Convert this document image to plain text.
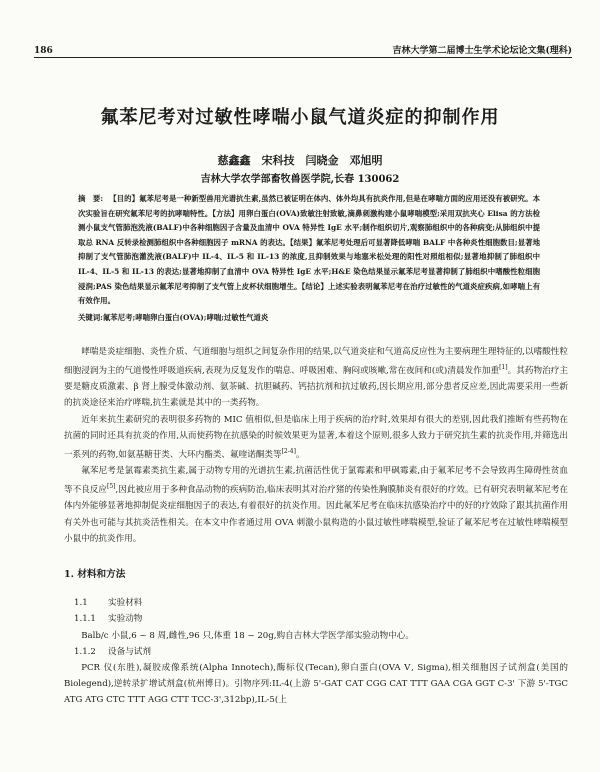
186	吉林大学第二届博士生学术论坛论文集(理科)
氟苯尼考对过敏性哮喘小鼠气道炎症的抑制作用
慈鑫鑫　宋科技　闫晓金　邓旭明
吉林大学农学部畜牧兽医学院,长春 130062
摘　要: 【目的】氟苯尼考是一种新型兽用光谱抗生素,虽然已被证明在体内、体外均具有抗炎作用,但是在哮喘方面的应用还没有被研究。本次实验旨在研究氟苯尼考的抗哮喘特性。【方法】用卵白蛋白(OVA)致敏注射致敏,滴鼻刺激构建小鼠哮喘模型;采用双抗夹心 Elisa 的方法检测小鼠支气管肺泡洗液(BALF)中各种细胞因子含量及血清中 OVA 特异性 IgE 水平;制作组织切片,观察肺组织中的各种病变;从肺组织中提取总 RNA 反转录检测肺组织中各种细胞因子 mRNA 的表达。【结果】氟苯尼考处理后可显著降低哮喘 BALF 中各种炎性细胞数目;显著地抑制了支气管肺泡灌洗液(BALF)中 IL-4、IL-5 和 IL-13 的浓度,且抑制效果与地塞米松处理的阳性对照组相似;显著地抑制了肺组织中 IL-4、IL-5 和 IL-13 的表达;显著地抑制了血清中 OVA 特异性 IgE 水平;H&E 染色结果显示氟苯尼考显著抑制了肺组织中嗜酸性粒细胞浸润;PAS 染色结果显示氟苯尼考抑制了支气管上皮杯状细胞增生。【结论】上述实验表明氟苯尼考在治疗过敏性的气道炎症疾病,如哮喘上有有效作用。
关键词:氟苯尼考;哮喘卵白蛋白(OVA);哮喘;过敏性气道炎

哮喘是炎症细胞、炎性介质、气道细胞与组织之间复杂作用的结果,以气道炎症和气道高反应性为主要病理生理特征的,以嗜酸性粒细胞浸润为主的气道慢性呼吸道疾病,表现为反复发作的喘息、呼吸困难、胸闷或咳嗽,常在夜间和(或)清晨发作加重[1]。其药物治疗主要是糖皮质激素、β 肾上腺受体激动剂、氨茶碱、抗胆碱药、钙拮抗剂和抗过敏药,因长期应用,部分患者反应差,因此需要采用一些新的抗炎途径来治疗哮喘,抗生素就是其中的一类药物。

近年来抗生素研究的表明很多药物的 MIC 值相似,但是临床上用于疾病的治疗时,效果却有很大的差别,因此我们推断有些药物在抗菌的同时还具有抗炎的作用,从而使药物在抗感染的时候效果更为显著,本着这个原则,很多人致力于研究抗生素的抗炎作用,并筛选出一系列的药物,如氨基糖苷类、大环内酯类、氟喹诺酮类等[2-4]。

氟苯尼考是氯霉素类抗生素,属于动物专用的光谱抗生素,抗菌活性优于氯霉素和甲砜霉素,由于氟苯尼考不会导致再生障碍性贫血等不良反应[5],因此被应用于多种食品动物的疾病防治,临床表明其对治疗猪的传染性胸膜肺炎有很好的疗效。已有研究表明氟苯尼考在体内外能够显著地抑制促炎症细胞因子的表达,有着很好的抗炎作用。因此氟苯尼考在临床抗感染治疗中的好的疗效除了跟其抗菌作用有关外也可能与其抗炎活性相关。在本文中作者通过用 OVA 刺激小鼠构造的小鼠过敏性哮喘模型,验证了氟苯尼考在过敏性哮喘模型小鼠中的抗炎作用。

1. 材料和方法

1.1 实验材料

1.1.1 实验动物

Balb/c 小鼠,6 ~ 8 周,雌性,96 只,体重 18 ~ 20g,购自吉林大学医学部实验动物中心。

1.1.2 设备与试剂

PCR 仪(东胜),凝胶成像系统(Alpha Innotech),酶标仪(Tecan),卵白蛋白(OVA Ⅴ, Sigma),相关细胞因子试剂盒(美国的 Biolegend),逆转录扩增试剂盒(杭州博日)。引物序列:IL-4(上游 5'-GAT CAT CGG CAT TTT GAA CGA GGT C-3' 下游 5'-TGC ATG ATG CTC TTT AGG CTT TCC-3',312bp),IL-5(上
